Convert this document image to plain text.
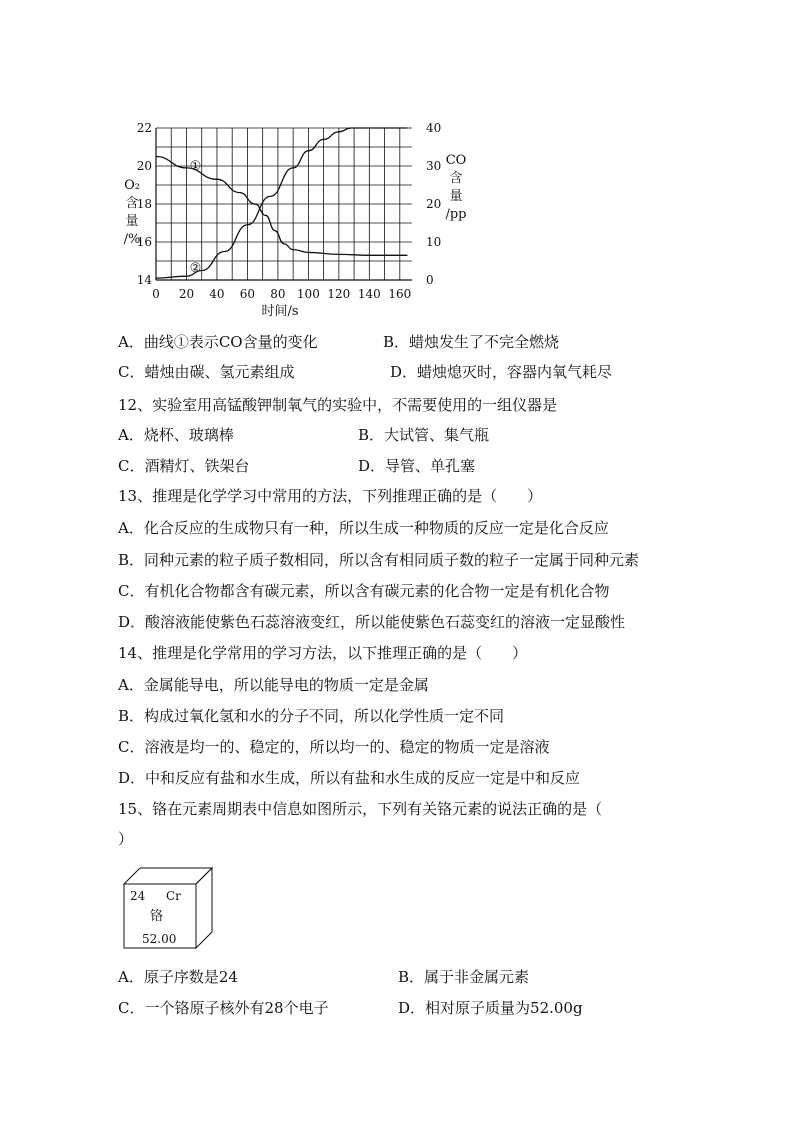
①
②
0 20 40 60 80 100 120 140 160
14
16
18
20
22
0
10
20
30
40
O₂
含
量
/%
CO
含
量
/pp
时间/s
A．曲线①表示CO含量的变化	B．蜡烛发生了不完全燃烧
C．蜡烛由碳、氢元素组成	D．蜡烛熄灭时，容器内氧气耗尽
12、实验室用高锰酸钾制氧气的实验中，不需要使用的一组仪器是
A．烧杯、玻璃棒	B．大试管、集气瓶
C．酒精灯、铁架台	D．导管、单孔塞
13、推理是化学学习中常用的方法，下列推理正确的是（　　）
A．化合反应的生成物只有一种，所以生成一种物质的反应一定是化合反应
B．同种元素的粒子质子数相同，所以含有相同质子数的粒子一定属于同种元素
C．有机化合物都含有碳元素，所以含有碳元素的化合物一定是有机化合物
D．酸溶液能使紫色石蕊溶液变红，所以能使紫色石蕊变红的溶液一定显酸性
14、推理是化学常用的学习方法，以下推理正确的是（　　）
A．金属能导电，所以能导电的物质一定是金属
B．构成过氧化氢和水的分子不同，所以化学性质一定不同
C．溶液是均一的、稳定的，所以均一的、稳定的物质一定是溶液
D．中和反应有盐和水生成，所以有盐和水生成的反应一定是中和反应
15、铬在元素周期表中信息如图所示，下列有关铬元素的说法正确的是（
）
24 Cr
铬
52.00
A．原子序数是24	B．属于非金属元素
C．一个铬原子核外有28个电子	D．相对原子质量为52.00g
